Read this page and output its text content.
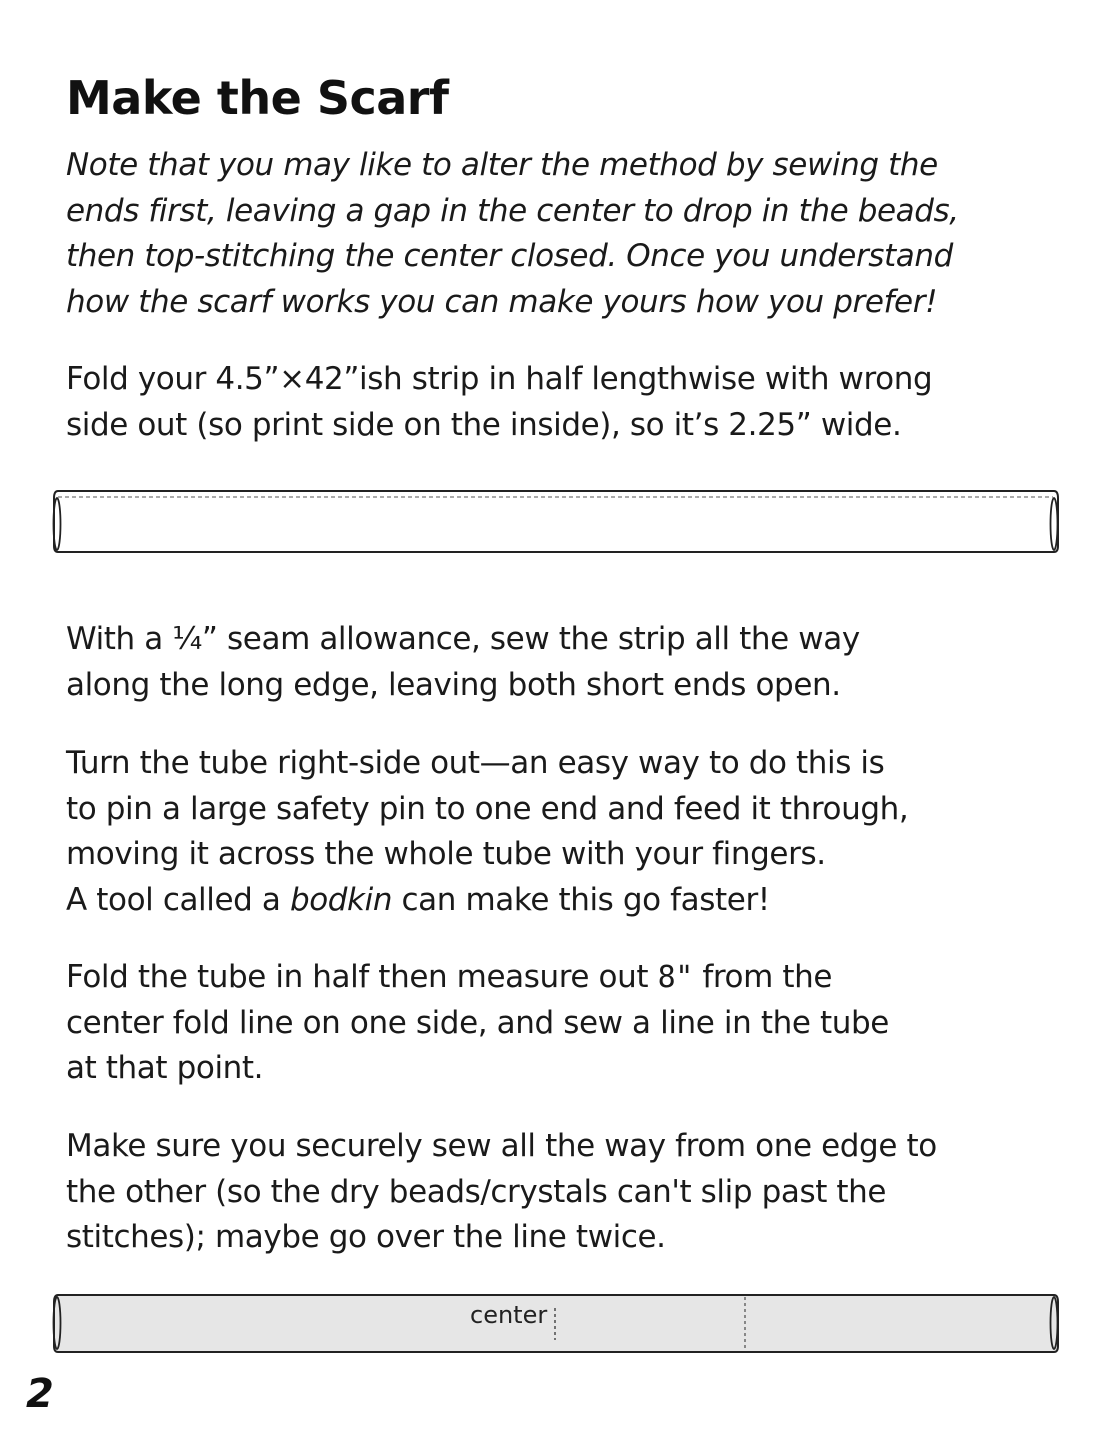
Make the Scarf

Note that you may like to alter the method by sewing the
ends first, leaving a gap in the center to drop in the beads,
then top-stitching the center closed. Once you understand
how the scarf works you can make yours how you prefer!

Fold your 4.5”×42”ish strip in half lengthwise with wrong
side out (so print side on the inside), so it’s 2.25” wide.

With a ¼” seam allowance, sew the strip all the way
along the long edge, leaving both short ends open.

Turn the tube right-side out—an easy way to do this is
to pin a large safety pin to one end and feed it through,
moving it across the whole tube with your fingers.
A tool called a bodkin can make this go faster!

Fold the tube in half then measure out 8" from the
center fold line on one side, and sew a line in the tube
at that point.

Make sure you securely sew all the way from one edge to
the other (so the dry beads/crystals can't slip past the
stitches); maybe go over the line twice.

center
2
